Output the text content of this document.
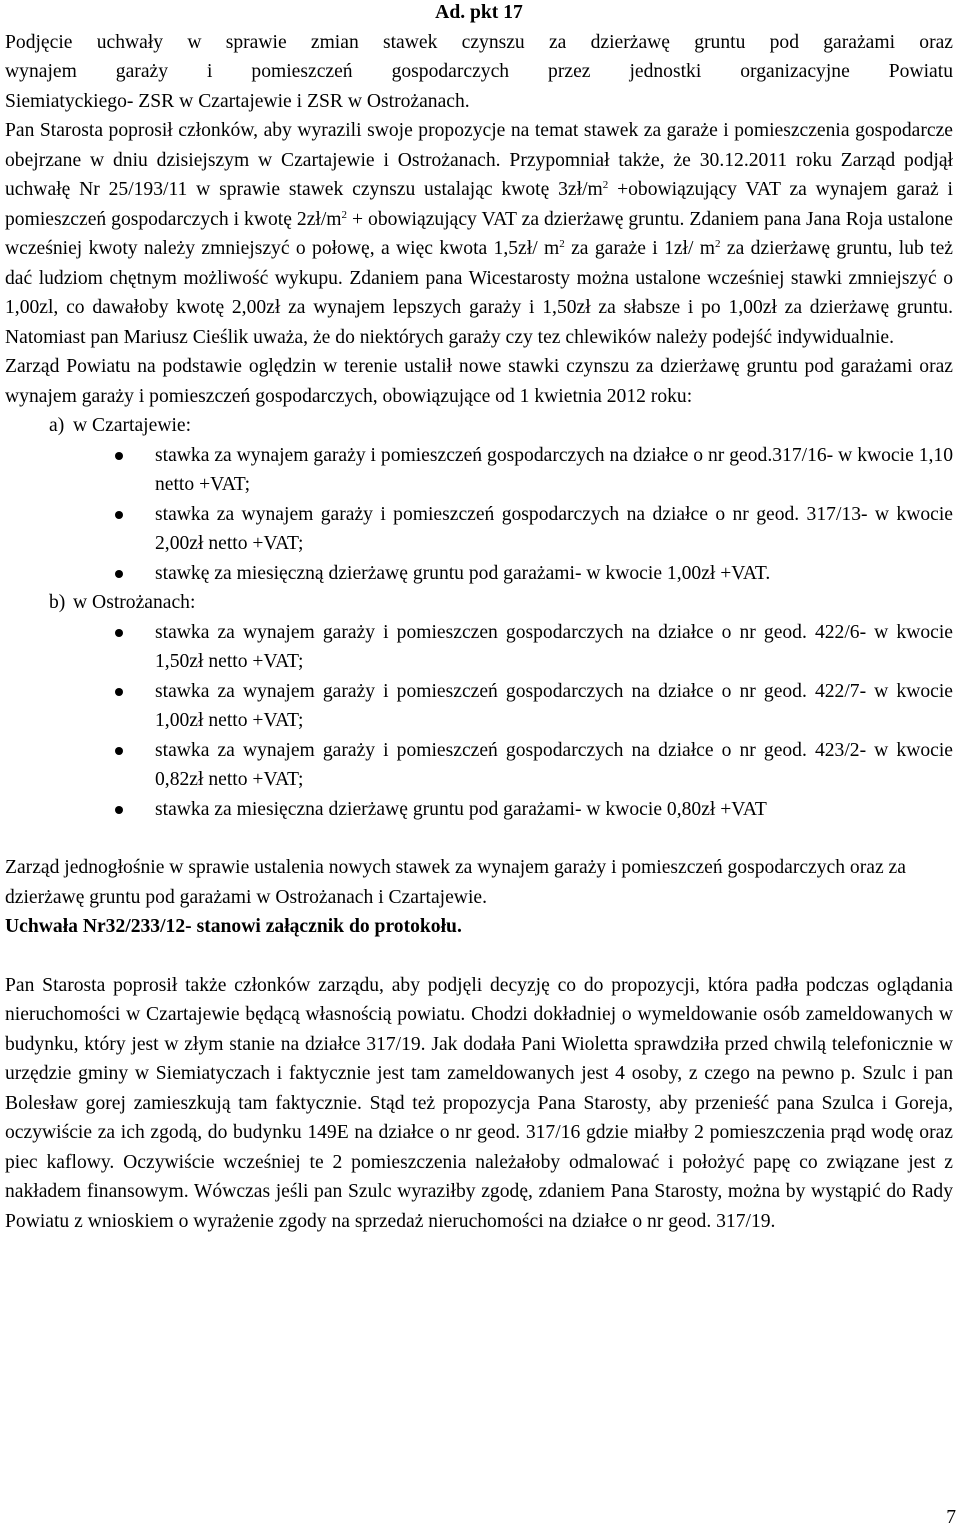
Ad. pkt 17

Podjęcie uchwały w sprawie zmian stawek czynszu za dzierżawę gruntu pod garażami oraz

wynajem garaży i pomieszczeń gospodarczych przez jednostki organizacyjne Powiatu

Siemiatyckiego- ZSR w Czartajewie i ZSR w Ostrożanach.

Pan Starosta poprosił członków, aby wyrazili swoje propozycje na temat stawek za garaże i pomieszczenia gospodarcze obejrzane w dniu dzisiejszym w Czartajewie i Ostrożanach. Przypomniał także, że 30.12.2011 roku Zarząd podjął uchwałę Nr 25/193/11 w sprawie stawek czynszu ustalając kwotę $3zł/m^2$ +obowiązujący VAT za wynajem garaż i pomieszczeń gospodarczych i kwotę $2zł/m^2$ + obowiązujący VAT za dzierżawę gruntu. Zdaniem pana Jana Roja ustalone wcześniej kwoty należy zmniejszyć o połowę, a więc kwota 1,5zł/ $m^2$ za garaże i 1zł/ $m^2$ za dzierżawę gruntu, lub też dać ludziom chętnym możliwość wykupu. Zdaniem pana Wicestarosty można ustalone wcześniej stawki zmniejszyć o 1,00zl, co dawałoby kwotę 2,00zł za wynajem lepszych garaży i 1,50zł za słabsze i po 1,00zł za dzierżawę gruntu. Natomiast pan Mariusz Cieślik uważa, że do niektórych garaży czy tez chlewików należy podejść indywidualnie.

Zarząd Powiatu na podstawie oględzin w terenie ustalił nowe stawki czynszu za dzierżawę gruntu pod garażami oraz wynajem garaży i pomieszczeń gospodarczych, obowiązujące od 1 kwietnia 2012 roku:

a) w Czartajewie:
stawka za wynajem garaży i pomieszczeń gospodarczych na działce o nr geod.317/16- w kwocie 1,10 netto +VAT;
stawka za wynajem garaży i pomieszczeń gospodarczych na działce o nr geod. 317/13- w kwocie 2,00zł netto +VAT;
stawkę za miesięczną dzierżawę gruntu pod garażami- w kwocie 1,00zł +VAT.
b) w Ostrożanach:
stawka za wynajem garaży i pomieszczen gospodarczych na działce o nr geod. 422/6- w kwocie 1,50zł netto +VAT;
stawka za wynajem garaży i pomieszczeń gospodarczych na działce o nr geod. 422/7- w kwocie 1,00zł netto +VAT;
stawka za wynajem garaży i pomieszczeń gospodarczych na działce o nr geod. 423/2- w kwocie 0,82zł netto +VAT;
stawka za miesięczna dzierżawę gruntu pod garażami- w kwocie 0,80zł +VAT

Zarząd jednogłośnie w sprawie ustalenia nowych stawek za wynajem garaży i pomieszczeń gospodarczych oraz za dzierżawę gruntu pod garażami w Ostrożanach i Czartajewie.

Uchwała Nr32/233/12- stanowi załącznik do protokołu.

Pan Starosta poprosił także członków zarządu, aby podjęli decyzję co do propozycji, która padła podczas oglądania nieruchomości w Czartajewie będącą własnością powiatu. Chodzi dokładniej o wymeldowanie osób zameldowanych w budynku, który jest w złym stanie na działce 317/19. Jak dodała Pani Wioletta sprawdziła przed chwilą telefonicznie w urzędzie gminy w Siemiatyczach i faktycznie jest tam zameldowanych jest 4 osoby, z czego na pewno p. Szulc i pan Bolesław gorej zamieszkują tam faktycznie. Stąd też propozycja Pana Starosty, aby przenieść pana Szulca i Goreja, oczywiście za ich zgodą, do budynku 149E na działce o nr geod. 317/16 gdzie miałby 2 pomieszczenia prąd wodę oraz piec kaflowy. Oczywiście wcześniej te 2 pomieszczenia należałoby odmalować i położyć papę co związane jest z nakładem finansowym. Wówczas jeśli pan Szulc wyraziłby zgodę, zdaniem Pana Starosty, można by wystąpić do Rady Powiatu z wnioskiem o wyrażenie zgody na sprzedaż nieruchomości na działce o nr geod. 317/19.

7
